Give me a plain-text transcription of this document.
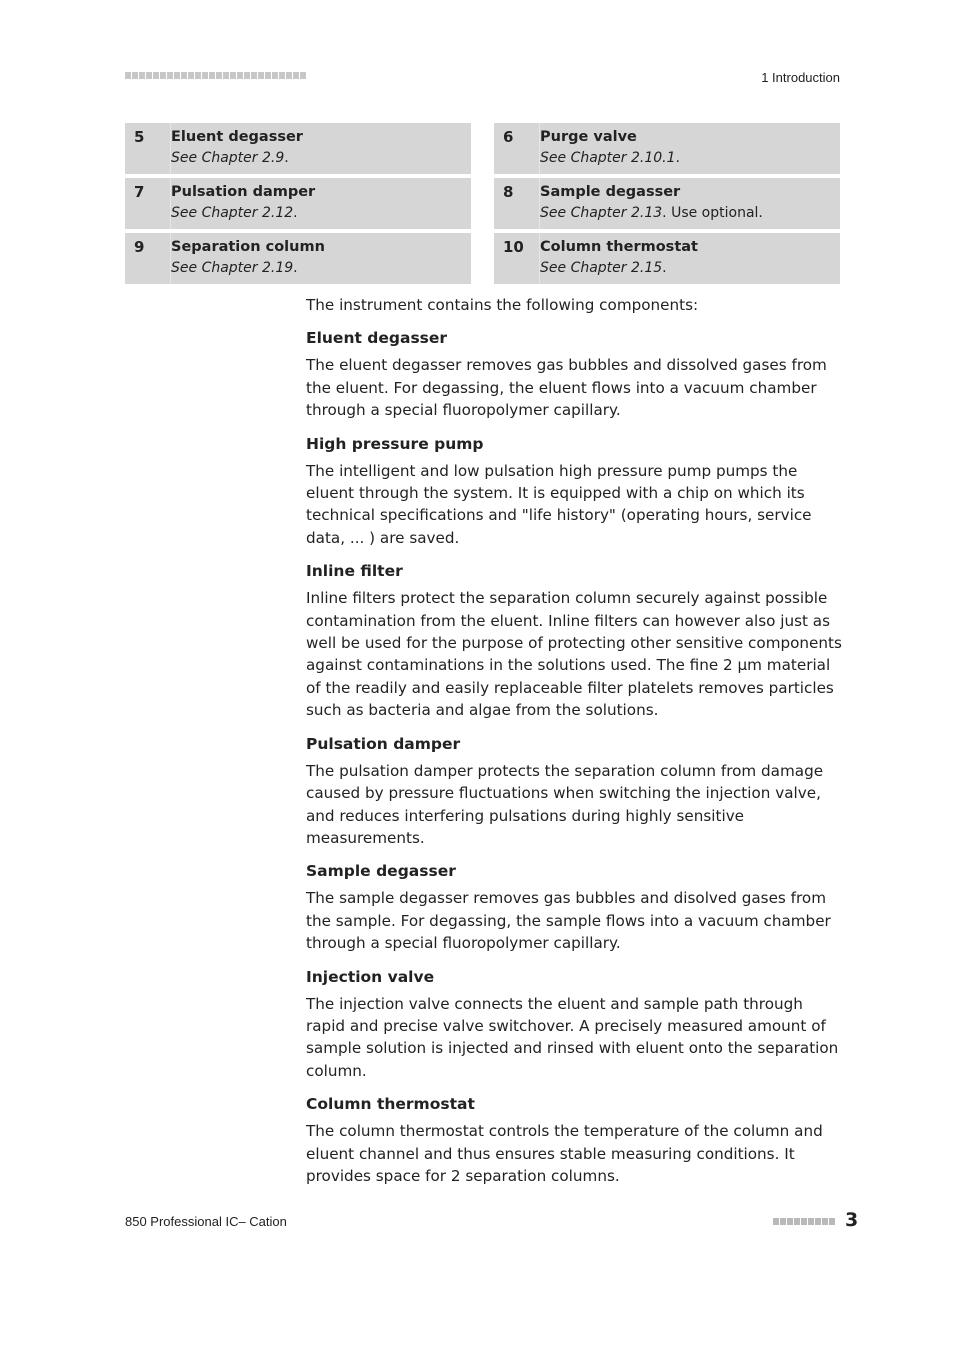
1 Introduction
5	Eluent degasser
See Chapter 2.9.
6	Purge valve
See Chapter 2.10.1.
7	Pulsation damper
See Chapter 2.12.
8	Sample degasser
See Chapter 2.13. Use optional.
9	Separation column
See Chapter 2.19.
10	Column thermostat
See Chapter 2.15.

The instrument contains the following components:

Eluent degasser

The eluent degasser removes gas bubbles and dissolved gases from the eluent. For degassing, the eluent flows into a vacuum chamber through a special fluoropolymer capillary.

High pressure pump

The intelligent and low pulsation high pressure pump pumps the eluent through the system. It is equipped with a chip on which its technical specifications and "life history" (operating hours, service data, ... ) are saved.

Inline filter

Inline filters protect the separation column securely against possible contamination from the eluent. Inline filters can however also just as well be used for the purpose of protecting other sensitive components against contaminations in the solutions used. The fine 2 µm material of the readily and easily replaceable filter platelets removes particles such as bacteria and algae from the solutions.

Pulsation damper

The pulsation damper protects the separation column from damage caused by pressure fluctuations when switching the injection valve, and reduces interfering pulsations during highly sensitive measurements.

Sample degasser

The sample degasser removes gas bubbles and disolved gases from the sample. For degassing, the sample flows into a vacuum chamber through a special fluoropolymer capillary.

Injection valve

The injection valve connects the eluent and sample path through rapid and precise valve switchover. A precisely measured amount of sample solution is injected and rinsed with eluent onto the separation column.

Column thermostat

The column thermostat controls the temperature of the column and eluent channel and thus ensures stable measuring conditions. It provides space for 2 separation columns.

850 Professional IC– Cation	3
